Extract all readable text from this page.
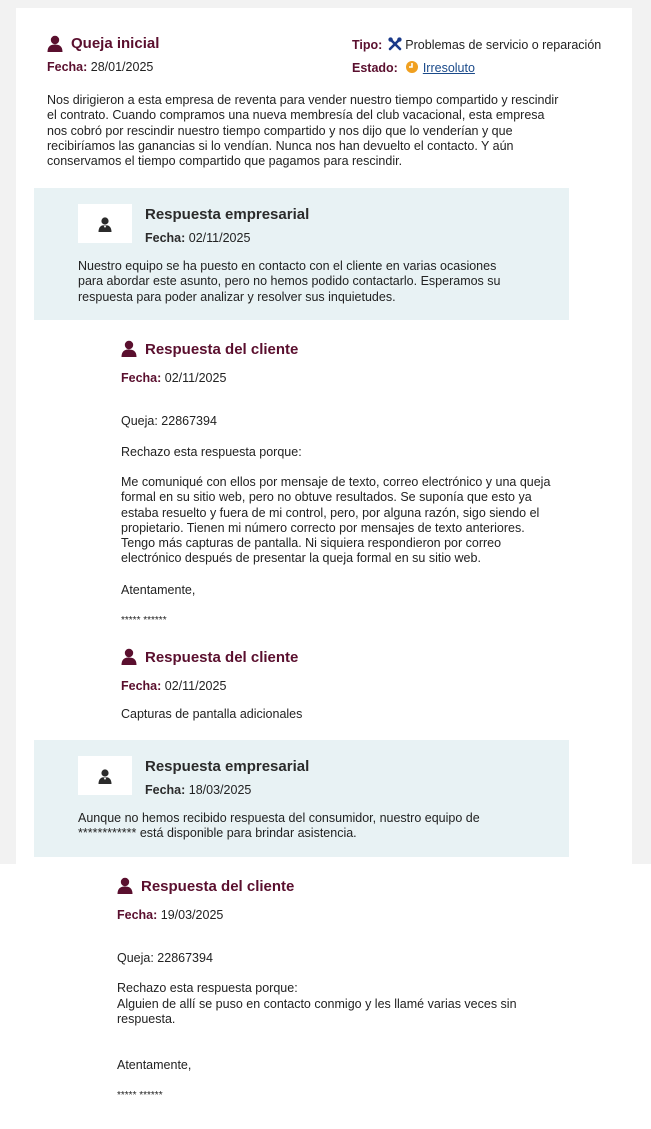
Queja inicial
Fecha: 28/01/2025
Tipo: Problemas de servicio o reparación
Estado: Irresoluto
Nos dirigieron a esta empresa de reventa para vender nuestro tiempo compartido y rescindir el contrato. Cuando compramos una nueva membresía del club vacacional, esta empresa nos cobró por rescindir nuestro tiempo compartido y nos dijo que lo venderían y que recibiríamos las ganancias si lo vendían. Nunca nos han devuelto el contacto. Y aún conservamos el tiempo compartido que pagamos para rescindir.
Respuesta empresarial
Fecha: 02/11/2025
Nuestro equipo se ha puesto en contacto con el cliente en varias ocasiones para abordar este asunto, pero no hemos podido contactarlo. Esperamos su respuesta para poder analizar y resolver sus inquietudes.
Respuesta del cliente
Fecha: 02/11/2025
Queja: 22867394
Rechazo esta respuesta porque:
Me comuniqué con ellos por mensaje de texto, correo electrónico y una queja formal en su sitio web, pero no obtuve resultados. Se suponía que esto ya estaba resuelto y fuera de mi control, pero, por alguna razón, sigo siendo el propietario. Tienen mi número correcto por mensajes de texto anteriores. Tengo más capturas de pantalla. Ni siquiera respondieron por correo electrónico después de presentar la queja formal en su sitio web.
Atentamente,
***** ******
Respuesta del cliente
Fecha: 02/11/2025
Capturas de pantalla adicionales
Respuesta empresarial
Fecha: 18/03/2025
Aunque no hemos recibido respuesta del consumidor, nuestro equipo de ************ está disponible para brindar asistencia.
Respuesta del cliente
Fecha: 19/03/2025
Queja: 22867394
Rechazo esta respuesta porque:
Alguien de allí se puso en contacto conmigo y les llamé varias veces sin respuesta.
Atentamente,
***** ******
